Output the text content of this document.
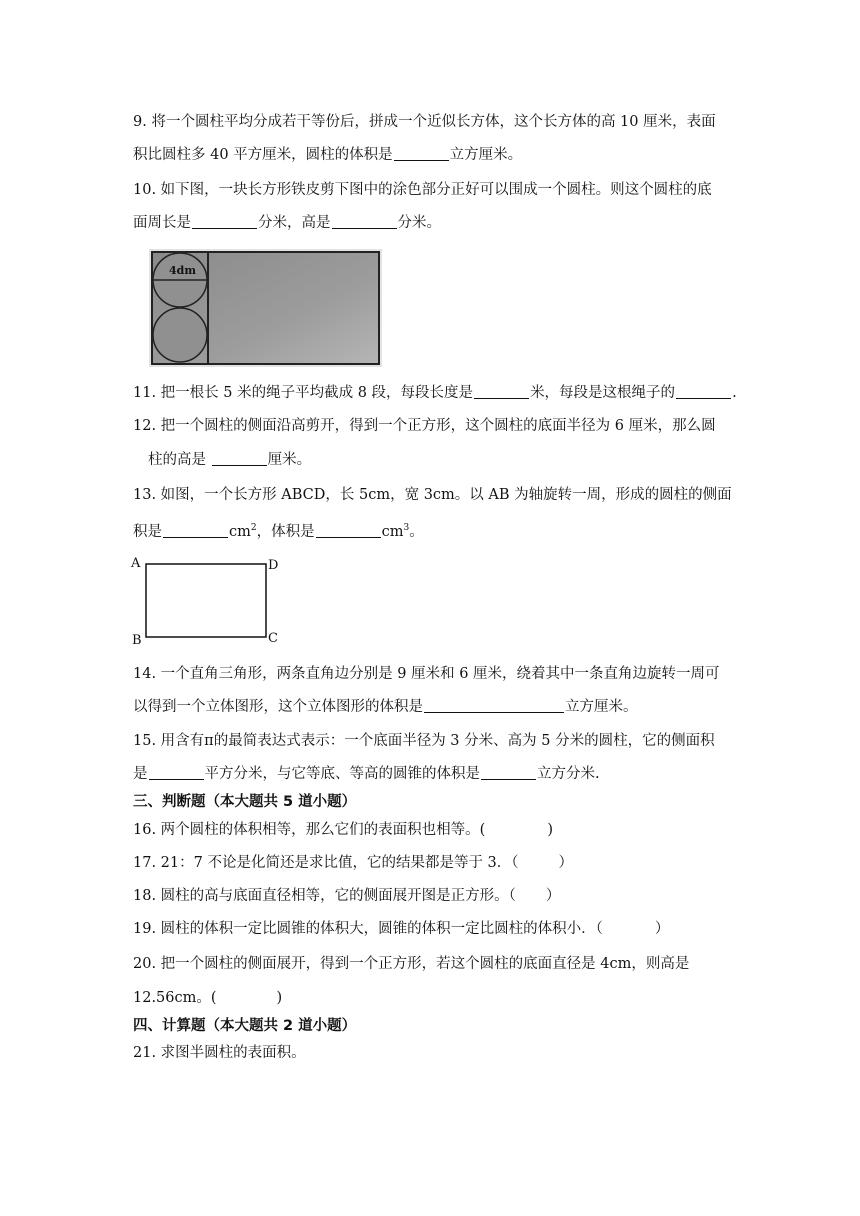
9. 将一个圆柱平均分成若干等份后，拼成一个近似长方体，这个长方体的高 10 厘米，表面
积比圆柱多 40 平方厘米，圆柱的体积是	立方厘米。
10. 如下图，一块长方形铁皮剪下图中的涂色部分正好可以围成一个圆柱。则这个圆柱的底
面周长是	分米，高是	分米。
4dm
11. 把一根长 5 米的绳子平均截成 8 段，每段长度是	米，每段是这根绳子的	.
12. 把一个圆柱的侧面沿高剪开，得到一个正方形，这个圆柱的底面半径为 6 厘米，那么圆
柱的高是	厘米。
13. 如图，一个长方形 ABCD，长 5cm，宽 3cm。以 AB 为轴旋转一周，形成的圆柱的侧面
积是	$cm^2$，体积是	$cm^3$。
A
B	C
D
14. 一个直角三角形，两条直角边分别是 9 厘米和 6 厘米，绕着其中一条直角边旋转一周可
以得到一个立体图形，这个立体图形的体积是	立方厘米。
15. 用含有π的最简表达式表示：一个底面半径为 3 分米、高为 5 分米的圆柱，它的侧面积
是	平方分米，与它等底、等高的圆锥的体积是	立方分米.
三、判断题（本大题共 5 道小题）
16. 两个圆柱的体积相等，那么它们的表面积也相等。(	)
17. 21：7 不论是化简还是求比值，它的结果都是等于 3．（	）
18. 圆柱的高与底面直径相等，它的侧面展开图是正方形。（ ）
19. 圆柱的体积一定比圆锥的体积大，圆锥的体积一定比圆柱的体积小．（	）
20. 把一个圆柱的侧面展开，得到一个正方形，若这个圆柱的底面直径是 4cm，则高是
12.56cm。(	)
四、计算题（本大题共 2 道小题）
21. 求图半圆柱的表面积。
